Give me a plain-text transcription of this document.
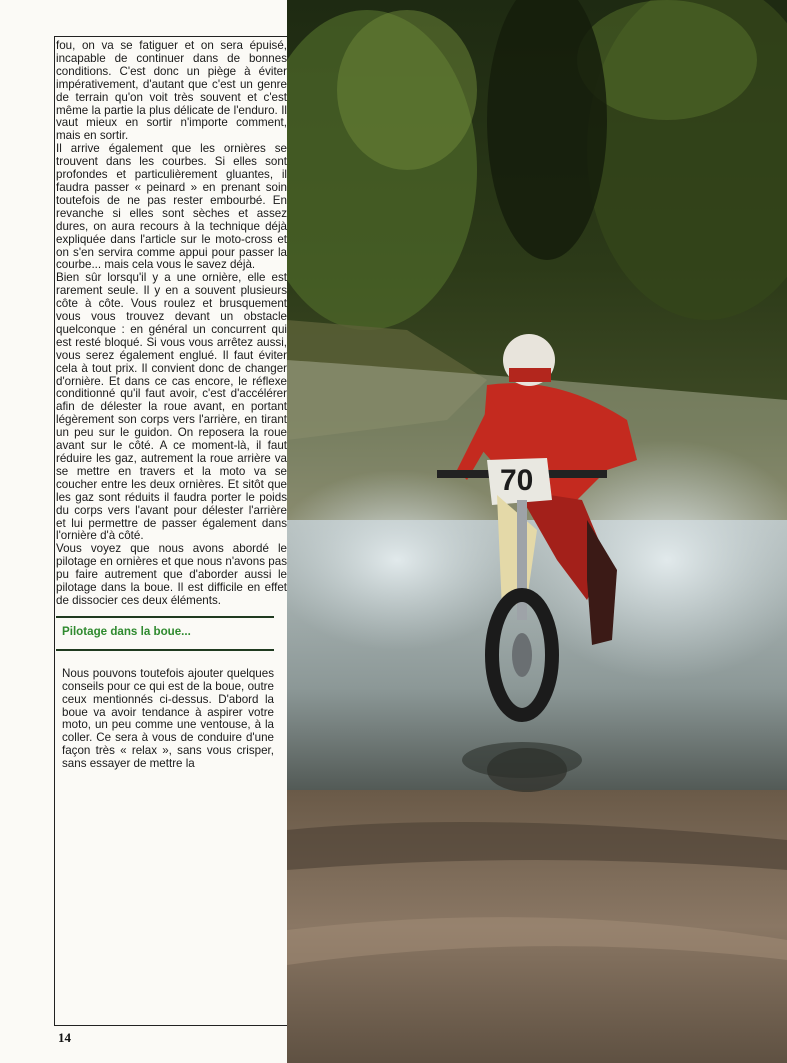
fou, on va se fatiguer et on sera épuisé, incapable de continuer dans de bonnes conditions. C'est donc un piège à éviter impérativement, d'autant que c'est un genre de terrain qu'on voit très souvent et c'est même la partie la plus délicate de l'enduro. Il vaut mieux en sortir n'importe comment, mais en sortir.

Il arrive également que les ornières se trouvent dans les courbes. Si elles sont profondes et particulièrement gluantes, il faudra passer « peinard » en prenant soin toutefois de ne pas rester embourbé. En revanche si elles sont sèches et assez dures, on aura recours à la technique déjà expliquée dans l'article sur le moto-cross et on s'en servira comme appui pour passer la courbe... mais cela vous le savez déjà.

Bien sûr lorsqu'il y a une ornière, elle est rarement seule. Il y en a souvent plusieurs côte à côte. Vous roulez et brusquement vous vous trouvez devant un obstacle quelconque : en général un concurrent qui est resté bloqué. Si vous vous arrêtez aussi, vous serez également englué. Il faut éviter cela à tout prix. Il convient donc de changer d'ornière. Et dans ce cas encore, le réflexe conditionné qu'il faut avoir, c'est d'accélérer afin de délester la roue avant, en portant légèrement son corps vers l'arrière, en tirant un peu sur le guidon. On reposera la roue avant sur le côté. A ce moment-là, il faut réduire les gaz, autrement la roue arrière va se mettre en travers et la moto va se coucher entre les deux ornières. Et sitôt que les gaz sont réduits il faudra porter le poids du corps vers l'avant pour délester l'arrière et lui permettre de passer également dans l'ornière d'à côté.

Vous voyez que nous avons abordé le pilotage en ornières et que nous n'avons pas pu faire autrement que d'aborder aussi le pilotage dans la boue. Il est difficile en effet de dissocier ces deux éléments.

Pilotage dans la boue...

Nous pouvons toutefois ajouter quelques conseils pour ce qui est de la boue, outre ceux mentionnés ci-dessus. D'abord la boue va avoir tendance à aspirer votre moto, un peu comme une ventouse, à la coller. Ce sera à vous de conduire d'une façon très « relax », sans vous crisper, sans essayer de mettre la

14
70
